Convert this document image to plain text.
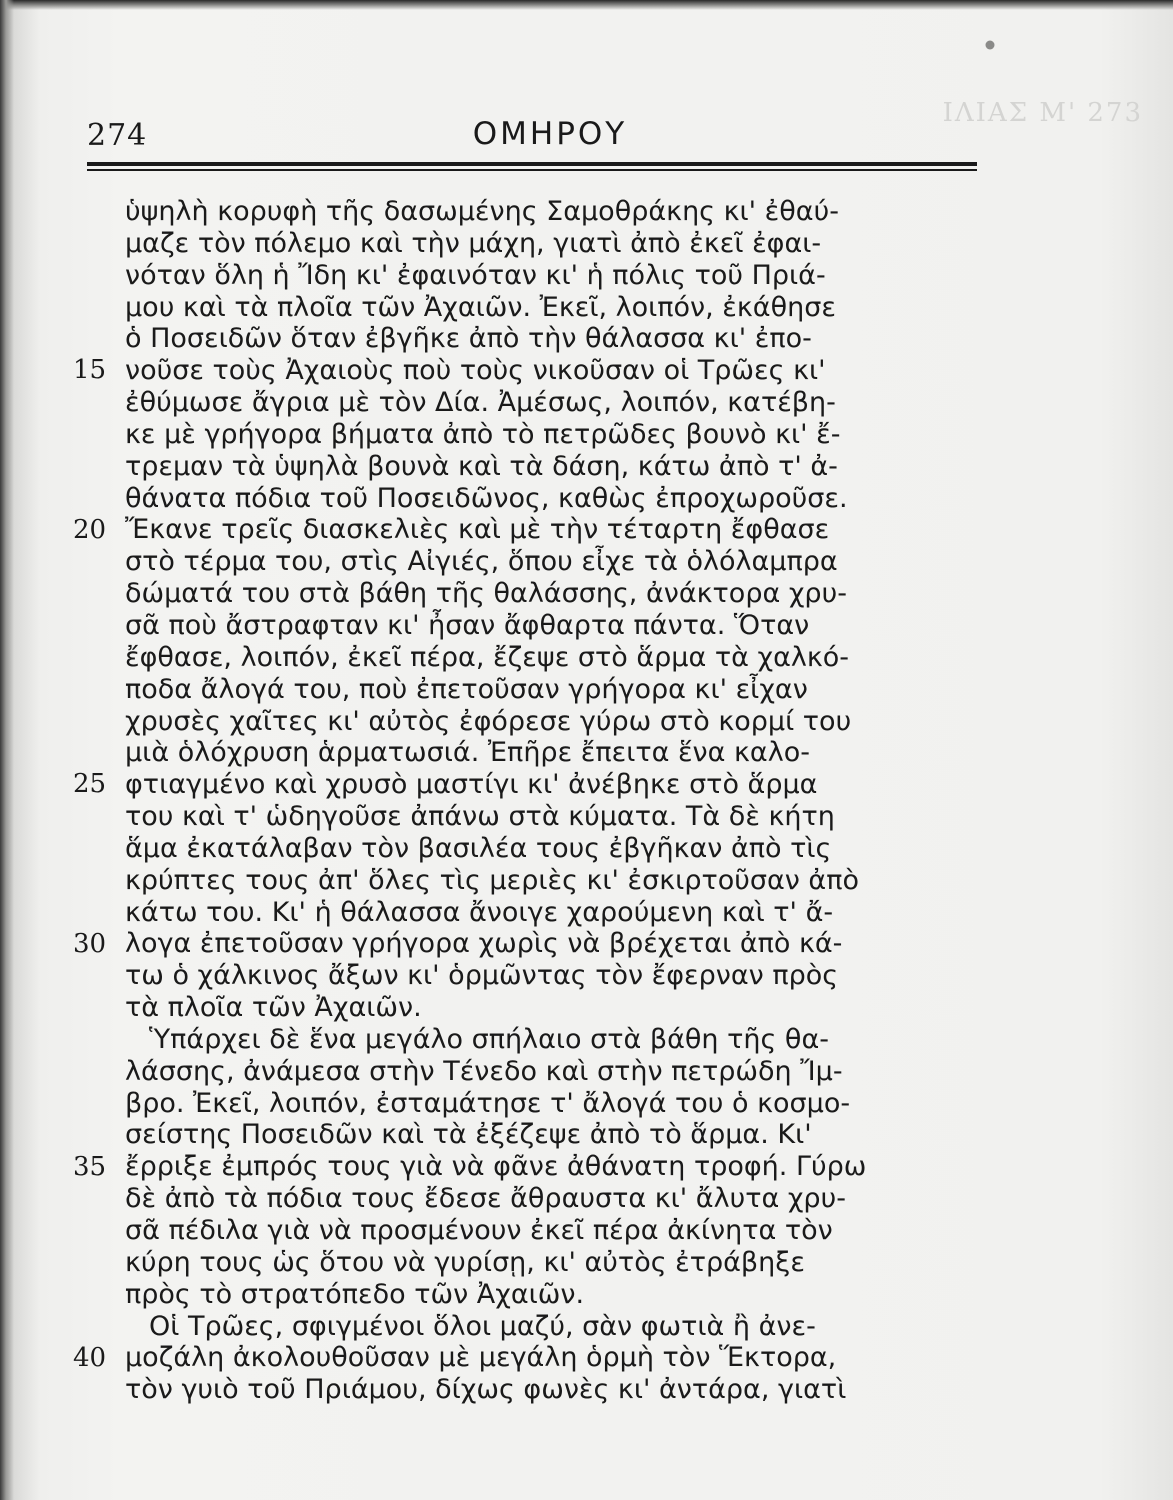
ΙΛΙΑΣ Μ' 273
274	ΟΜΗΡΟΥ
ὑψηλὴ κορυφὴ τῆς δασωμένης Σαμοθράκης κι' ἐθαύ-
μαζε τὸν πόλεμο καὶ τὴν μάχη, γιατὶ ἀπὸ ἐκεῖ ἐφαι-
νόταν ὅλη ἡ Ἴδη κι' ἐφαινόταν κι' ἡ πόλις τοῦ Πριά-
μου καὶ τὰ πλοῖα τῶν Ἀχαιῶν. Ἐκεῖ, λοιπόν, ἐκάθησε
ὁ Ποσειδῶν ὅταν ἐβγῆκε ἀπὸ τὴν θάλασσα κι' ἐπο-
νοῦσε τοὺς Ἀχαιοὺς ποὺ τοὺς νικοῦσαν οἱ Τρῶες κι'
ἐθύμωσε ἄγρια μὲ τὸν Δία. Ἀμέσως, λοιπόν, κατέβη-
κε μὲ γρήγορα βήματα ἀπὸ τὸ πετρῶδες βουνὸ κι' ἔ-
τρεμαν τὰ ὑψηλὰ βουνὰ καὶ τὰ δάση, κάτω ἀπὸ τ' ἀ-
θάνατα πόδια τοῦ Ποσειδῶνος, καθὼς ἐπροχωροῦσε.
Ἔκανε τρεῖς διασκελιὲς καὶ μὲ τὴν τέταρτη ἔφθασε
στὸ τέρμα του, στὶς Αἰγιές, ὅπου εἶχε τὰ ὁλόλαμπρα
δώματά του στὰ βάθη τῆς θαλάσσης, ἀνάκτορα χρυ-
σᾶ ποὺ ἄστραφταν κι' ἦσαν ἄφθαρτα πάντα. Ὅταν
ἔφθασε, λοιπόν, ἐκεῖ πέρα, ἔζεψε στὸ ἅρμα τὰ χαλκό-
ποδα ἄλογά του, ποὺ ἐπετοῦσαν γρήγορα κι' εἶχαν
χρυσὲς χαῖτες κι' αὐτὸς ἐφόρεσε γύρω στὸ κορμί του
μιὰ ὁλόχρυση ἁρματωσιά. Ἐπῆρε ἔπειτα ἕνα καλο-
φτιαγμένο καὶ χρυσὸ μαστίγι κι' ἀνέβηκε στὸ ἅρμα
του καὶ τ' ὡδηγοῦσε ἀπάνω στὰ κύματα. Τὰ δὲ κήτη
ἅμα ἐκατάλαβαν τὸν βασιλέα τους ἐβγῆκαν ἀπὸ τὶς
κρύπτες τους ἀπ' ὅλες τὶς μεριὲς κι' ἐσκιρτοῦσαν ἀπὸ
κάτω του. Κι' ἡ θάλασσα ἄνοιγε χαρούμενη καὶ τ' ἄ-
λογα ἐπετοῦσαν γρήγορα χωρὶς νὰ βρέχεται ἀπὸ κά-
τω ὁ χάλκινος ἄξων κι' ὁρμῶντας τὸν ἔφερναν πρὸς
τὰ πλοῖα τῶν Ἀχαιῶν.
Ὑπάρχει δὲ ἕνα μεγάλο σπήλαιο στὰ βάθη τῆς θα-
λάσσης, ἀνάμεσα στὴν Τένεδο καὶ στὴν πετρώδη Ἴμ-
βρο. Ἐκεῖ, λοιπόν, ἐσταμάτησε τ' ἄλογά του ὁ κοσμο-
σείστης Ποσειδῶν καὶ τὰ ἐξέζεψε ἀπὸ τὸ ἅρμα. Κι'
ἔρριξε ἐμπρός τους γιὰ νὰ φᾶνε ἀθάνατη τροφή. Γύρω
δὲ ἀπὸ τὰ πόδια τους ἔδεσε ἄθραυστα κι' ἄλυτα χρυ-
σᾶ πέδιλα γιὰ νὰ προσμένουν ἐκεῖ πέρα ἀκίνητα τὸν
κύρη τους ὡς ὅτου νὰ γυρίσῃ, κι' αὐτὸς ἐτράβηξε
πρὸς τὸ στρατόπεδο τῶν Ἀχαιῶν.
Οἱ Τρῶες, σφιγμένοι ὅλοι μαζύ, σὰν φωτιὰ ἢ ἀνε-
μοζάλη ἀκολουθοῦσαν μὲ μεγάλη ὁρμὴ τὸν Ἕκτορα,
τὸν γυιὸ τοῦ Πριάμου, δίχως φωνὲς κι' ἀντάρα, γιατὶ
15
20
25
30
35
40
